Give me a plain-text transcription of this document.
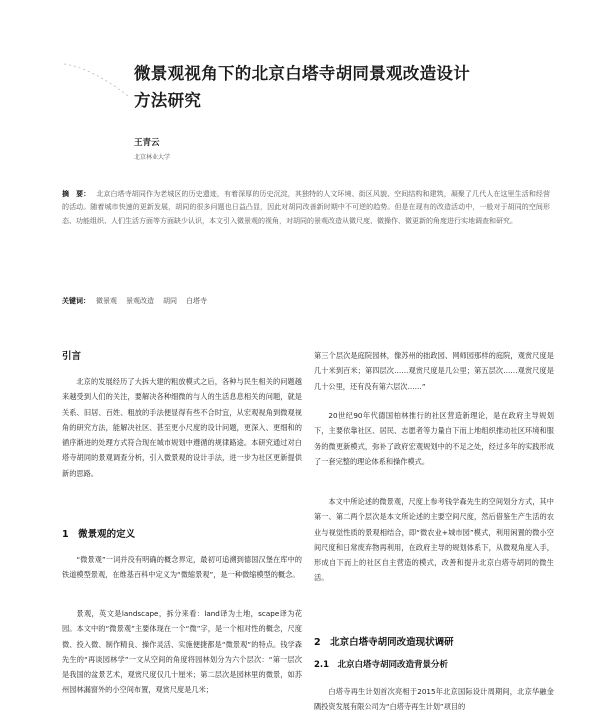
微景观视角下的北京白塔寺胡同景观改造设计
方法研究
王青云
北京林业大学
摘　要： 北京白塔寺胡同作为老城区的历史遗迹，有着深厚的历史沉淀，其独特的人文环境、街区风貌、空间结构和建筑，凝聚了几代人在这里生活和经营的活动。随着城市快速的更新发展，胡同的很多问题也日益凸显，因此对胡同改善新时期中不可逆的趋势。但是在现有的改造活动中，一般对于胡同的空间形态、功能组织、人们生活方面等方面缺少认识，本文引入微景观的视角，对胡同的景观改造从微尺度、微操作、微更新的角度进行实地调查和研究。
关键词： 微景观 景观改造 胡同 白塔寺
引言

北京的发展经历了大拆大建的粗放模式之后，各种与民生相关的问题越来越受到人们的关注，要解决各种细微的与人的生活息息相关的问题，就是关系、旧居、百姓、粗放的手法便显得有些不合时宜，从宏观视角到微观视角的研究方法，能解决社区、甚至更小尺度的设计问题，更深入、更细和的循序渐进的处理方式符合现在城市规划中遵循的规律路途。本研究通过对白塔寺胡同的景观调查分析，引入微景观的设计手法，进一步为社区更新提供新的思路。

1　微景观的定义

“微景观”一词并没有明确的概念界定，最初可追溯到德国汉堡在库中的铁道模型景观，在维基百科中定义为“微缩景观”，是一种微缩模型的概念。

景观，英文是landscape，拆分来看：land译为土地，scape译为花园。本文中的“微景观”主要体现在一个“微”字，是一个相对性的概念，尺度微、投入微、制作精良、操作灵活、实施便捷都是“微景观”的特点。钱学森先生的“再谈园林学”一文从空间的角度将园林划分为六个层次：“第一层次是我国的盆景艺术，观赏尺度仅几十厘米；第二层次是园林里的微景，如苏州园林漏窗外的小空间布置，观赏尺度是几米；

第三个层次是庭院园林，像苏州的拙政园、网师园那样的庭院，观赏尺度是几十米到百米；第四层次……观赏尺度是几公里；第五层次……观赏尺度是几十公里，还有没有第六层次……”

20世纪90年代德国柏林推行的社区营造新理论，是在政府主导规划下，主要依靠社区、居民、志愿者等力量自下而上地组织推动社区环境和服务的微更新模式，弥补了政府宏观规划中的不足之处，经过多年的实践形成了一套完整的理论体系和操作模式。

本文中所论述的微景观，尺度上参考钱学森先生的空间划分方式，其中第一、第二两个层次是本文所论述的主要空间尺度，然后借鉴生产生活的农业与视觉性质的景观相结合，即“微农业+城市园”模式，利用闲置的微小空间尺度和日常废弃物再利用，在政府主导的规划体系下，从微观角度入手，形成自下而上的社区自主营造的模式，改善和提升北京白塔寺胡同的微生活。

2　北京白塔寺胡同改造现状调研
2.1　北京白塔寺胡同改造背景分析

白塔寺再生计划首次亮相于2015年北京国际设计周期间，北京华融金隅投资发展有限公司为“白塔寺再生计划”项目的
